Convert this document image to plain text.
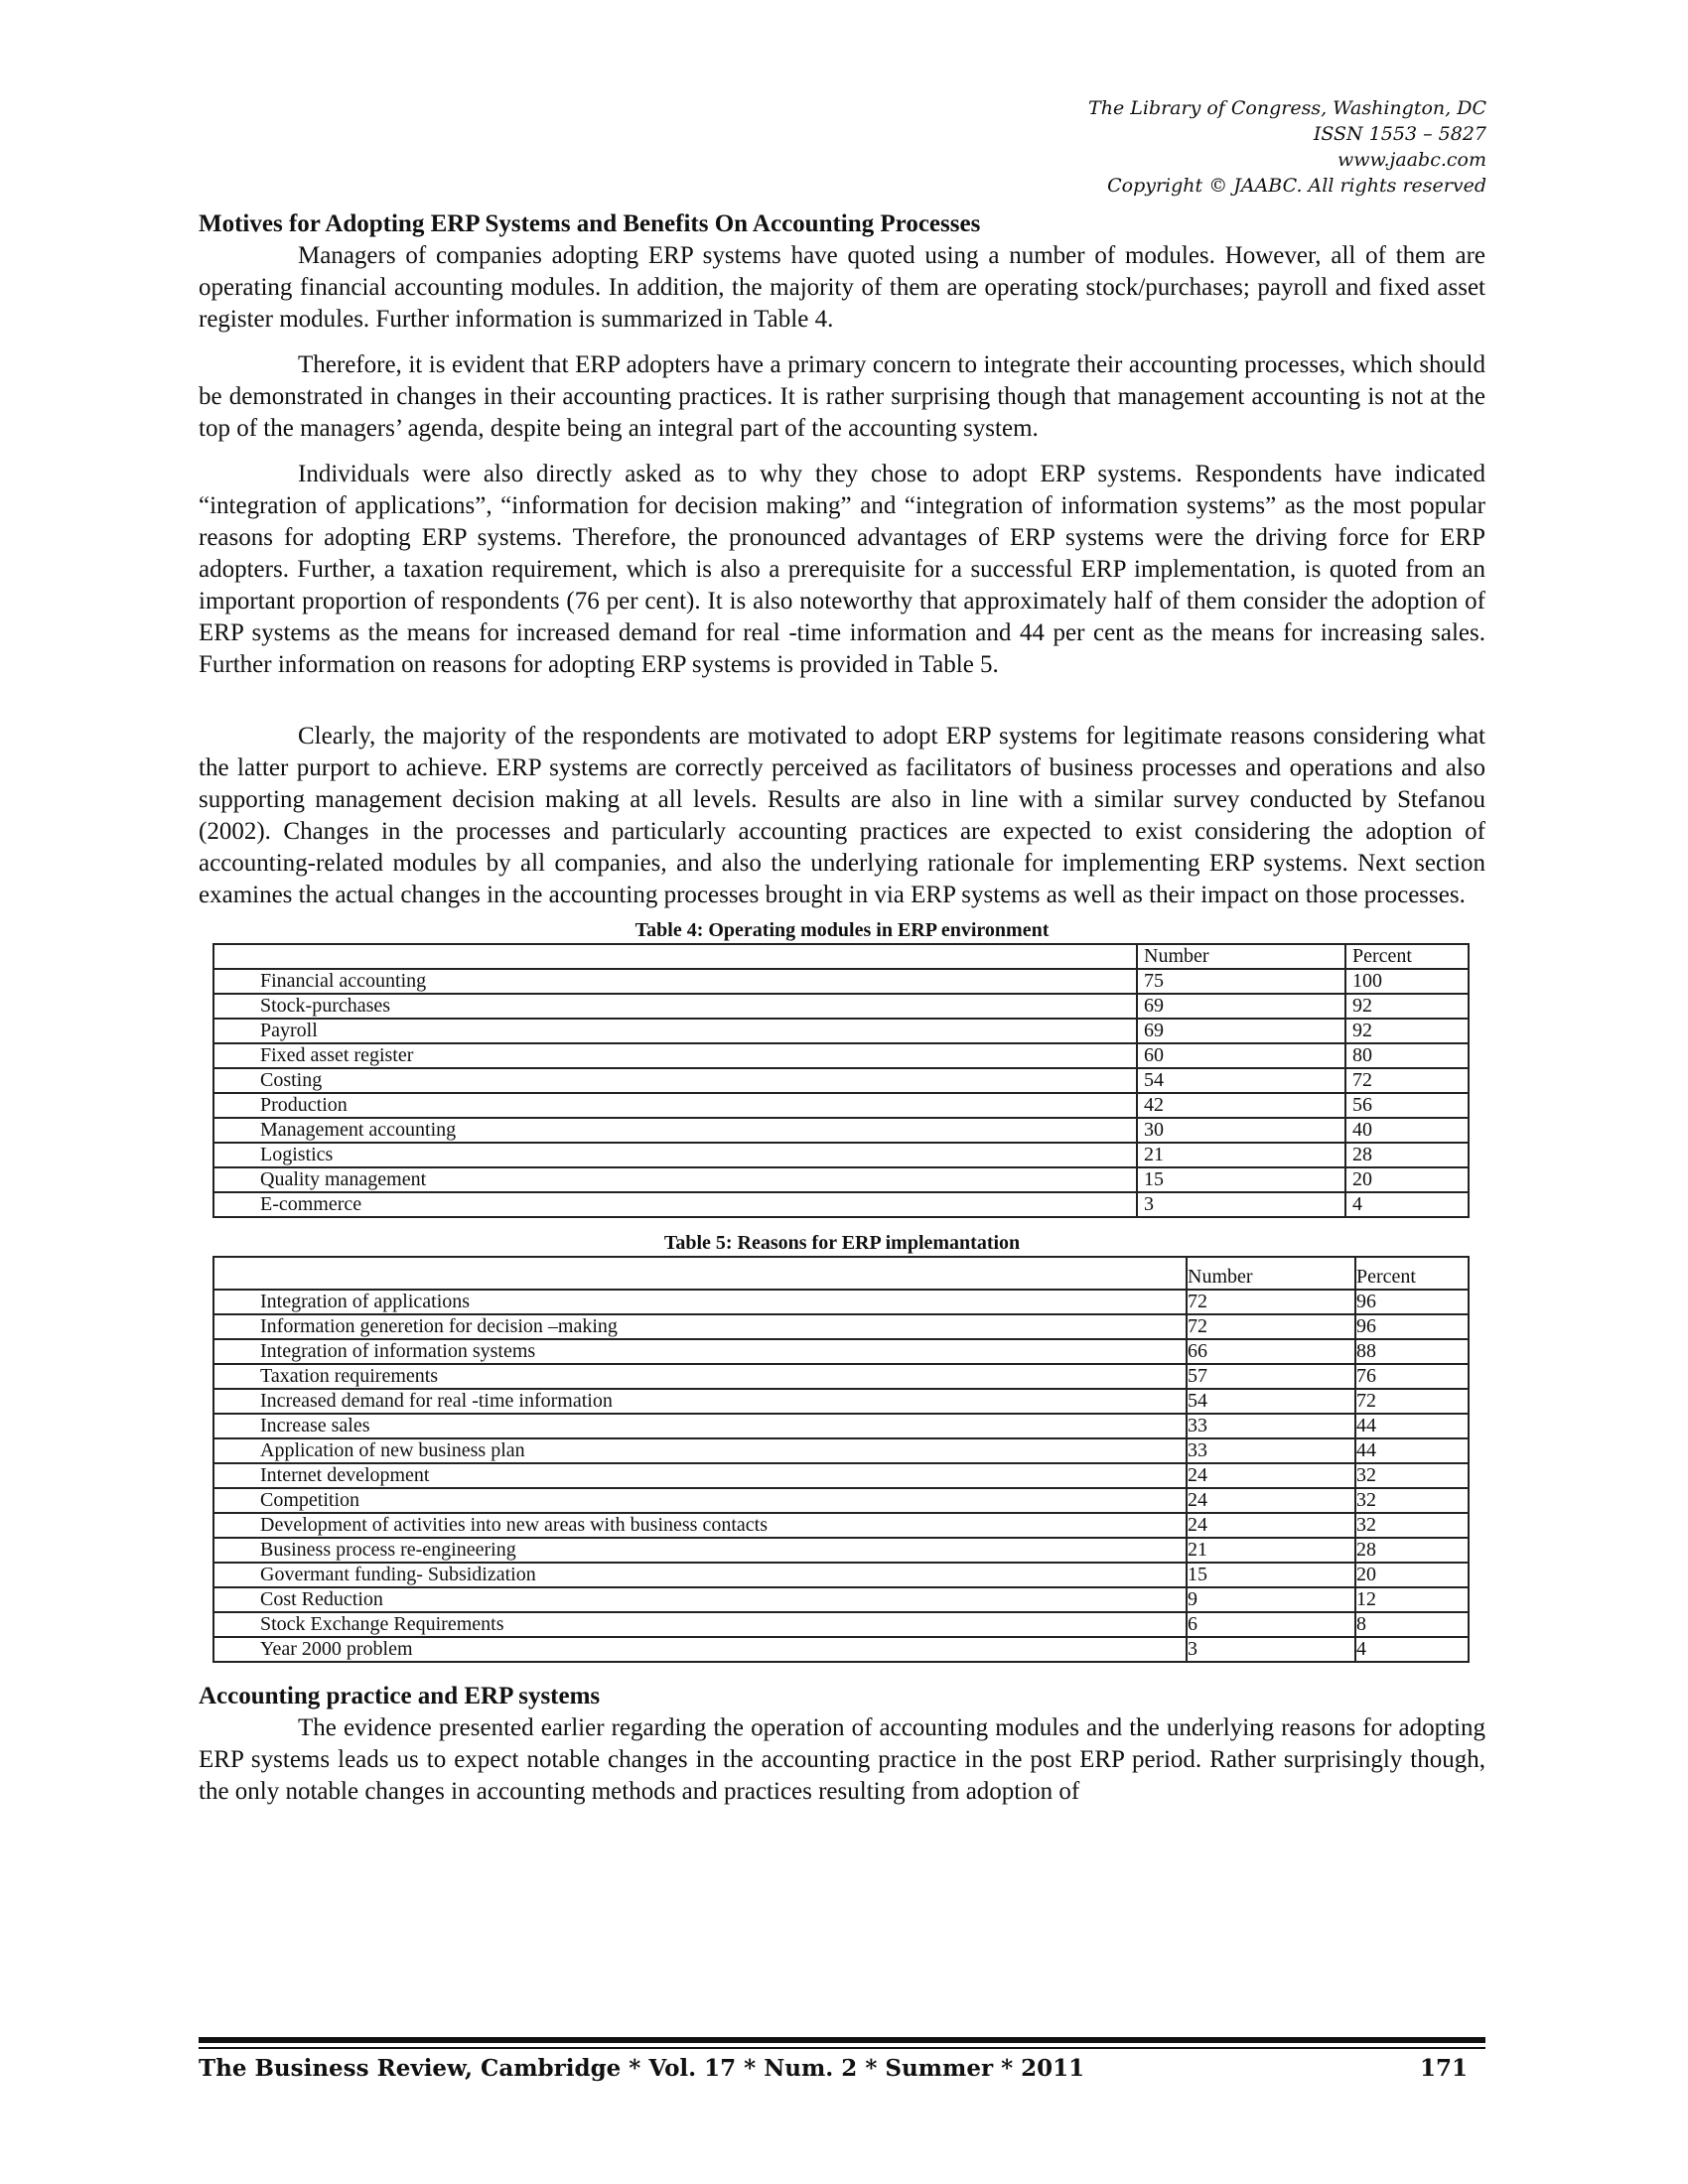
The Library of Congress, Washington, DC
ISSN 1553 – 5827
www.jaabc.com
Copyright © JAABC. All rights reserved
Motives for Adopting ERP Systems and Benefits On Accounting Processes

Managers of companies adopting ERP systems have quoted using a number of modules. However, all of them are operating financial accounting modules. In addition, the majority of them are operating stock/purchases; payroll and fixed asset register modules. Further information is summarized in Table 4.

Therefore, it is evident that ERP adopters have a primary concern to integrate their accounting processes, which should be demonstrated in changes in their accounting practices. It is rather surprising though that management accounting is not at the top of the managers’ agenda, despite being an integral part of the accounting system.

Individuals were also directly asked as to why they chose to adopt ERP systems. Respondents have indicated “integration of applications”, “information for decision making” and “integration of information systems” as the most popular reasons for adopting ERP systems. Therefore, the pronounced advantages of ERP systems were the driving force for ERP adopters. Further, a taxation requirement, which is also a prerequisite for a successful ERP implementation, is quoted from an important proportion of respondents (76 per cent). It is also noteworthy that approximately half of them consider the adoption of ERP systems as the means for increased demand for real -time information and 44 per cent as the means for increasing sales. Further information on reasons for adopting ERP systems is provided in Table 5.

Clearly, the majority of the respondents are motivated to adopt ERP systems for legitimate reasons considering what the latter purport to achieve. ERP systems are correctly perceived as facilitators of business processes and operations and also supporting management decision making at all levels. Results are also in line with a similar survey conducted by Stefanou (2002). Changes in the processes and particularly accounting practices are expected to exist considering the adoption of accounting-related modules by all companies, and also the underlying rationale for implementing ERP systems. Next section examines the actual changes in the accounting processes brought in via ERP systems as well as their impact on those processes.

Table 4: Operating modules in ERP environment
	Number	Percent
Financial accounting	75	100
Stock-purchases	69	92
Payroll	69	92
Fixed asset register	60	80
Costing	54	72
Production	42	56
Management accounting	30	40
Logistics	21	28
Quality management	15	20
E-commerce	3	4
Table 5: Reasons for ERP implemantation
	Number	Percent
Integration of applications	72	96
Information generetion for decision –making	72	96
Integration of information systems	66	88
Taxation requirements	57	76
Increased demand for real -time information	54	72
Increase sales	33	44
Application of new business plan	33	44
Internet development	24	32
Competition	24	32
Development of activities into new areas with business contacts	24	32
Business process re-engineering	21	28
Govermant funding- Subsidization	15	20
Cost Reduction	9	12
Stock Exchange Requirements	6	8
Year 2000 problem	3	4
Accounting practice and ERP systems

The evidence presented earlier regarding the operation of accounting modules and the underlying reasons for adopting ERP systems leads us to expect notable changes in the accounting practice in the post ERP period. Rather surprisingly though, the only notable changes in accounting methods and practices resulting from adoption of

The Business Review, Cambridge * Vol. 17 * Num. 2 * Summer * 2011	171
